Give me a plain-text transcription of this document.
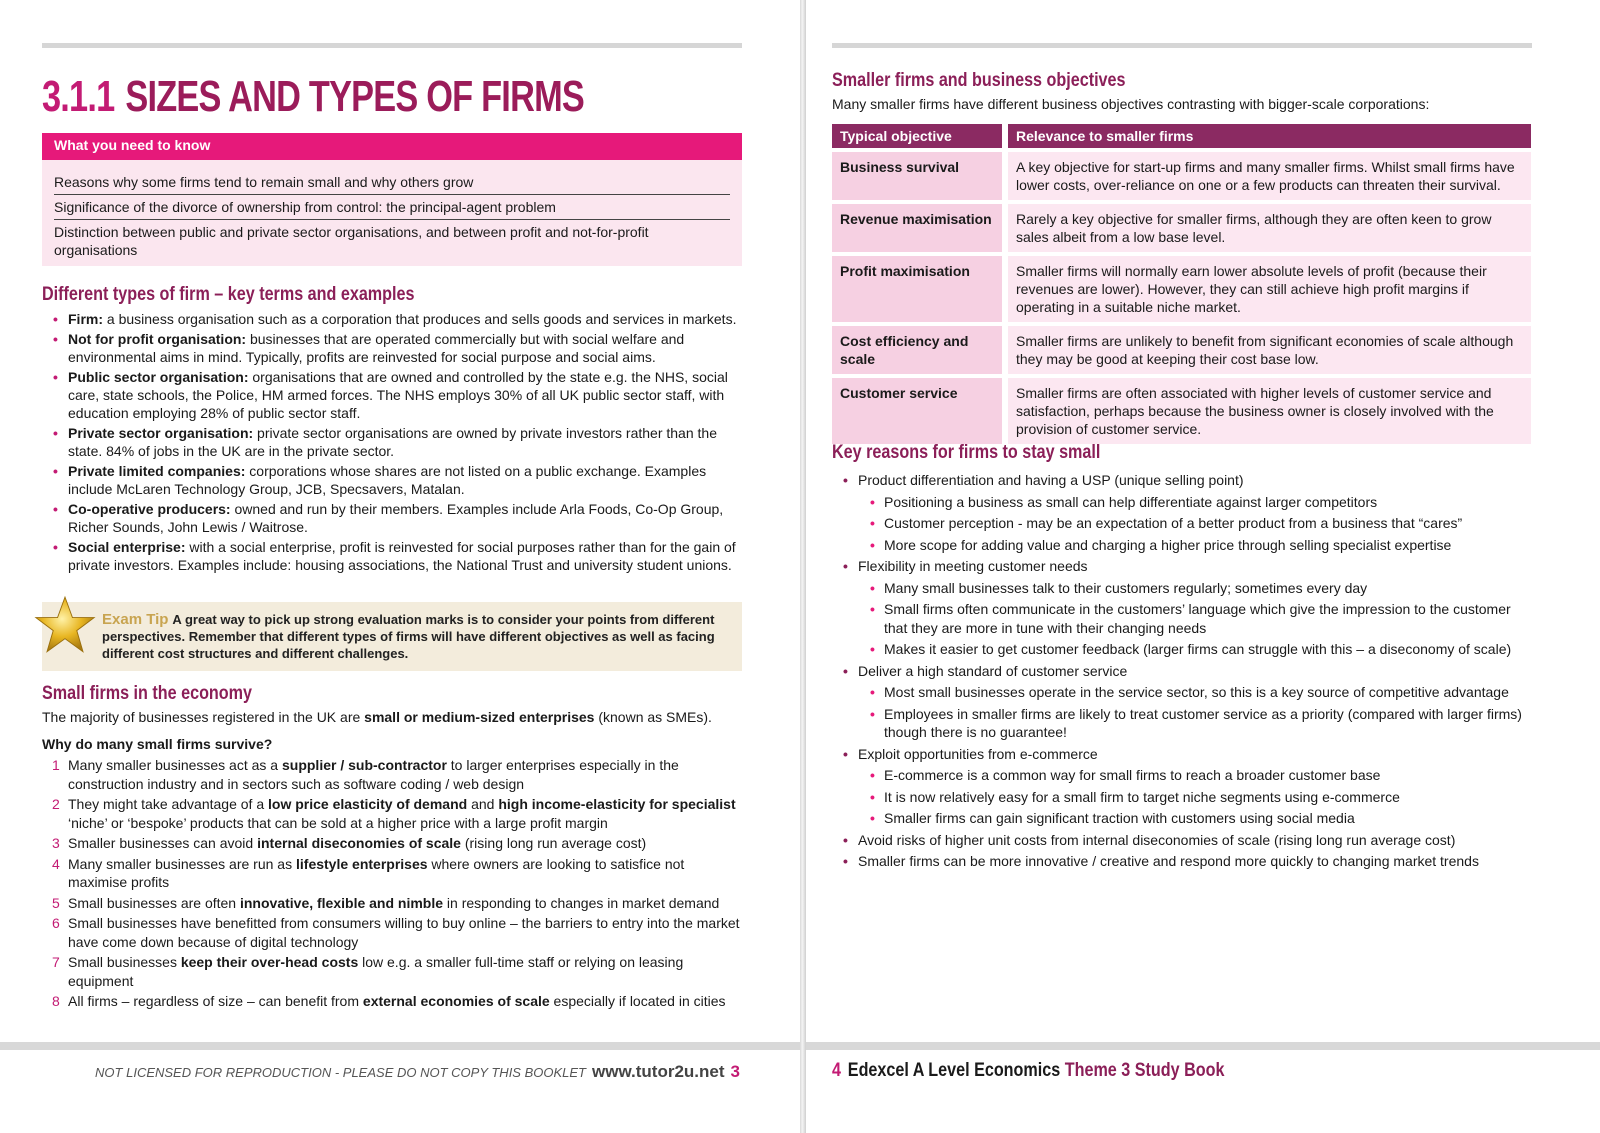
3.1.1 SIZES AND TYPES OF FIRMS
What you need to know
Reasons why some firms tend to remain small and why others grow
Significance of the divorce of ownership from control: the principal-agent problem
Distinction between public and private sector organisations, and between profit and not-for-profit organisations
Different types of firm – key terms and examples
• Firm: a business organisation such as a corporation that produces and sells goods and services in markets.
• Not for profit organisation: businesses that are operated commercially but with social welfare and environmental aims in mind. Typically, profits are reinvested for social purpose and social aims.
• Public sector organisation: organisations that are owned and controlled by the state e.g. the NHS, social care, state schools, the Police, HM armed forces. The NHS employs 30% of all UK public sector staff, with education employing 28% of public sector staff.
• Private sector organisation: private sector organisations are owned by private investors rather than the state. 84% of jobs in the UK are in the private sector.
• Private limited companies: corporations whose shares are not listed on a public exchange. Examples include McLaren Technology Group, JCB, Specsavers, Matalan.
• Co-operative producers: owned and run by their members. Examples include Arla Foods, Co-Op Group, Richer Sounds, John Lewis / Waitrose.
• Social enterprise: with a social enterprise, profit is reinvested for social purposes rather than for the gain of private investors. Examples include: housing associations, the National Trust and university student unions.
Exam Tip A great way to pick up strong evaluation marks is to consider your points from different perspectives. Remember that different types of firms will have different objectives as well as facing different cost structures and different challenges.
Small firms in the economy
The majority of businesses registered in the UK are small or medium-sized enterprises (known as SMEs).
Why do many small firms survive?
1 Many smaller businesses act as a supplier / sub-contractor to larger enterprises especially in the construction industry and in sectors such as software coding / web design
2 They might take advantage of a low price elasticity of demand and high income-elasticity for specialist ‘niche’ or ‘bespoke’ products that can be sold at a higher price with a large profit margin
3 Smaller businesses can avoid internal diseconomies of scale (rising long run average cost)
4 Many smaller businesses are run as lifestyle enterprises where owners are looking to satisfice not maximise profits
5 Small businesses are often innovative, flexible and nimble in responding to changes in market demand
6 Small businesses have benefitted from consumers willing to buy online – the barriers to entry into the market have come down because of digital technology
7 Small businesses keep their over-head costs low e.g. a smaller full-time staff or relying on leasing equipment
8 All firms – regardless of size – can benefit from external economies of scale especially if located in cities
NOT LICENSED FOR REPRODUCTION - PLEASE DO NOT COPY THIS BOOKLET www.tutor2u.net 3
Smaller firms and business objectives
Many smaller firms have different business objectives contrasting with bigger-scale corporations:
Typical objective	Relevance to smaller firms
Business survival	A key objective for start-up firms and many smaller firms. Whilst small firms have lower costs, over-reliance on one or a few products can threaten their survival.
Revenue maximisation	Rarely a key objective for smaller firms, although they are often keen to grow sales albeit from a low base level.
Profit maximisation	Smaller firms will normally earn lower absolute levels of profit (because their revenues are lower). However, they can still achieve high profit margins if operating in a suitable niche market.
Cost efficiency and scale	Smaller firms are unlikely to benefit from significant economies of scale although they may be good at keeping their cost base low.
Customer service	Smaller firms are often associated with higher levels of customer service and satisfaction, perhaps because the business owner is closely involved with the provision of customer service.
Key reasons for firms to stay small
• Product differentiation and having a USP (unique selling point)
• Positioning a business as small can help differentiate against larger competitors
• Customer perception - may be an expectation of a better product from a business that “cares”
• More scope for adding value and charging a higher price through selling specialist expertise
• Flexibility in meeting customer needs
• Many small businesses talk to their customers regularly; sometimes every day
• Small firms often communicate in the customers’ language which give the impression to the customer that they are more in tune with their changing needs
• Makes it easier to get customer feedback (larger firms can struggle with this – a diseconomy of scale)
• Deliver a high standard of customer service
• Most small businesses operate in the service sector, so this is a key source of competitive advantage
• Employees in smaller firms are likely to treat customer service as a priority (compared with larger firms) though there is no guarantee!
• Exploit opportunities from e-commerce
• E-commerce is a common way for small firms to reach a broader customer base
• It is now relatively easy for a small firm to target niche segments using e-commerce
• Smaller firms can gain significant traction with customers using social media
• Avoid risks of higher unit costs from internal diseconomies of scale (rising long run average cost)
• Smaller firms can be more innovative / creative and respond more quickly to changing market trends
4 Edexcel A Level Economics Theme 3 Study Book
